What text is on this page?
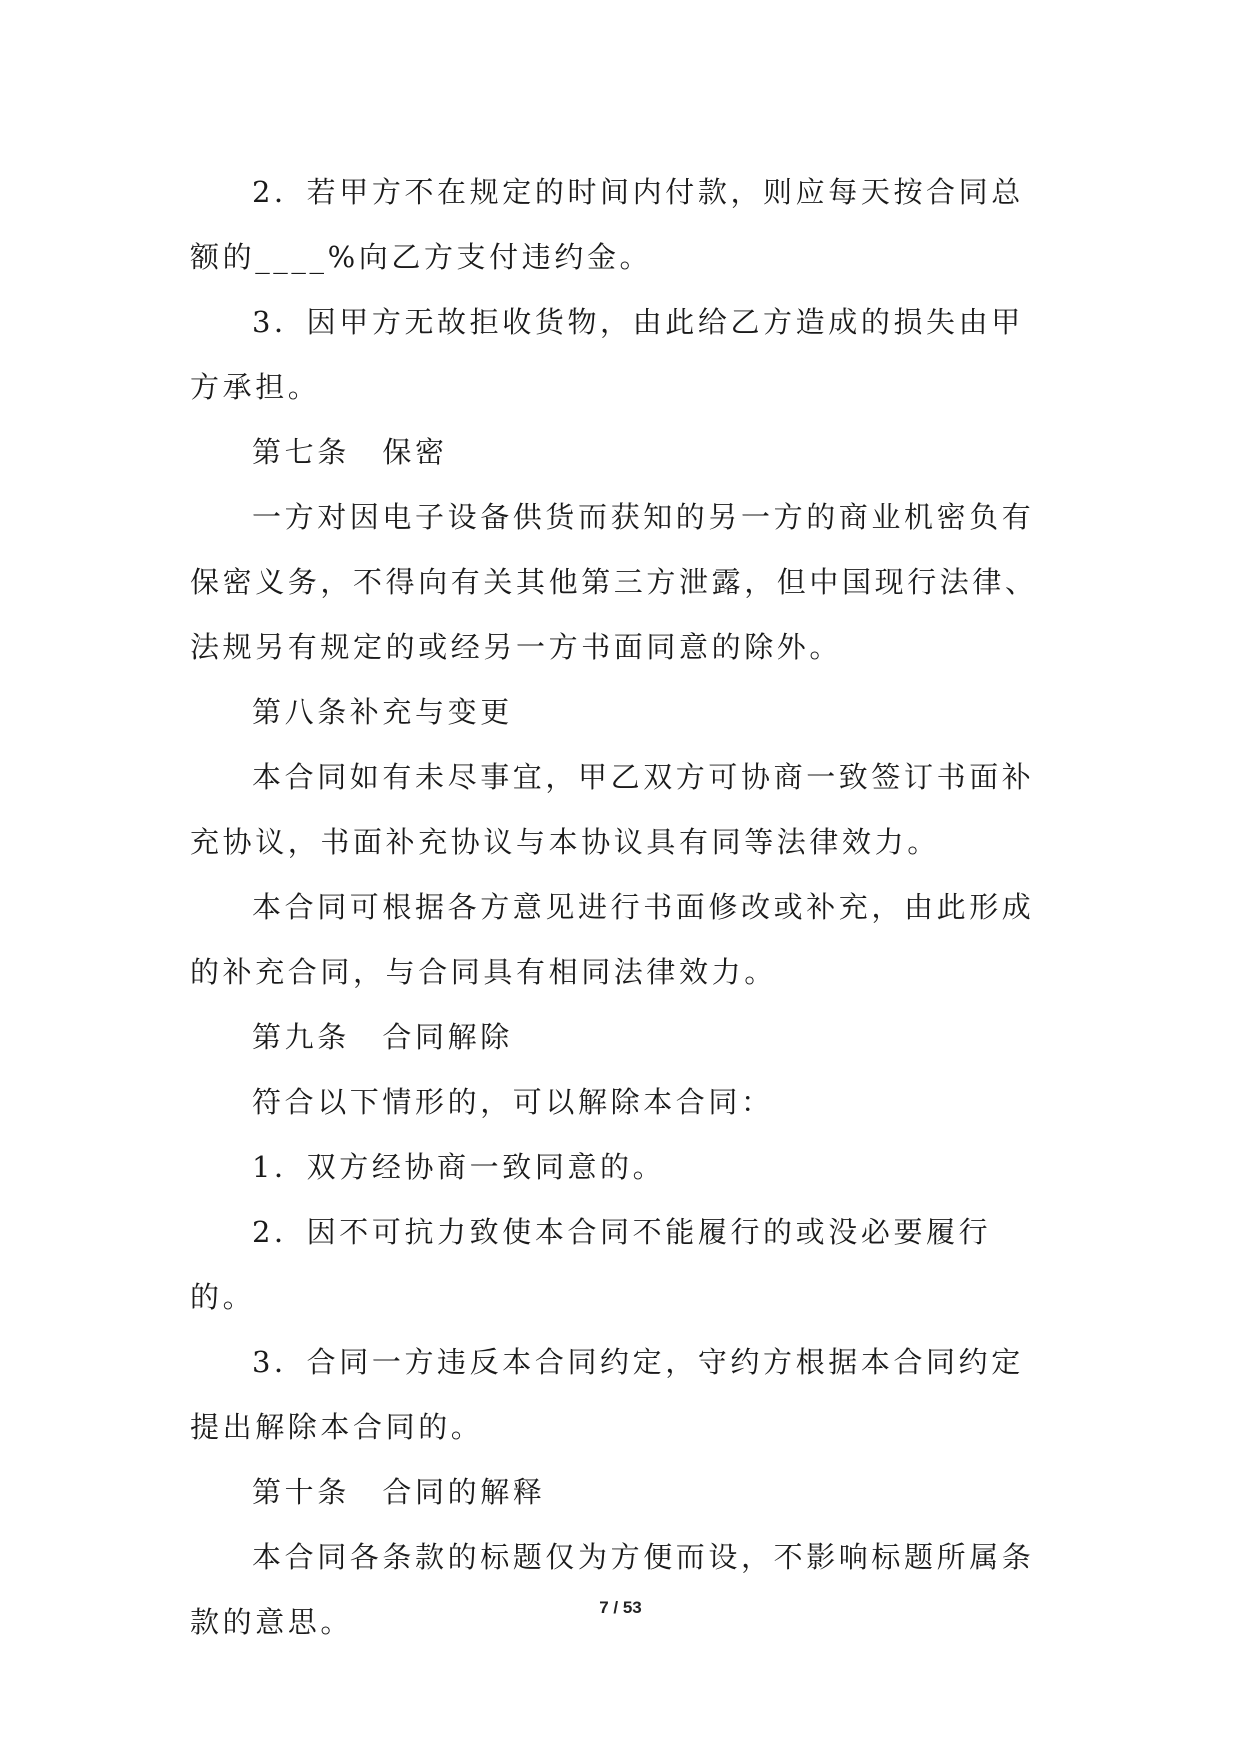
2．若甲方不在规定的时间内付款，则应每天按合同总额的____%向乙方支付违约金。

3．因甲方无故拒收货物，由此给乙方造成的损失由甲方承担。

第七条　保密

一方对因电子设备供货而获知的另一方的商业机密负有保密义务，不得向有关其他第三方泄露，但中国现行法律、法规另有规定的或经另一方书面同意的除外。

第八条补充与变更

本合同如有未尽事宜，甲乙双方可协商一致签订书面补充协议，书面补充协议与本协议具有同等法律效力。

本合同可根据各方意见进行书面修改或补充，由此形成的补充合同，与合同具有相同法律效力。

第九条　合同解除

符合以下情形的，可以解除本合同：

1．双方经协商一致同意的。

2．因不可抗力致使本合同不能履行的或没必要履行的。

3．合同一方违反本合同约定，守约方根据本合同约定提出解除本合同的。

第十条　合同的解释

本合同各条款的标题仅为方便而设，不影响标题所属条款的意思。	7 / 53
